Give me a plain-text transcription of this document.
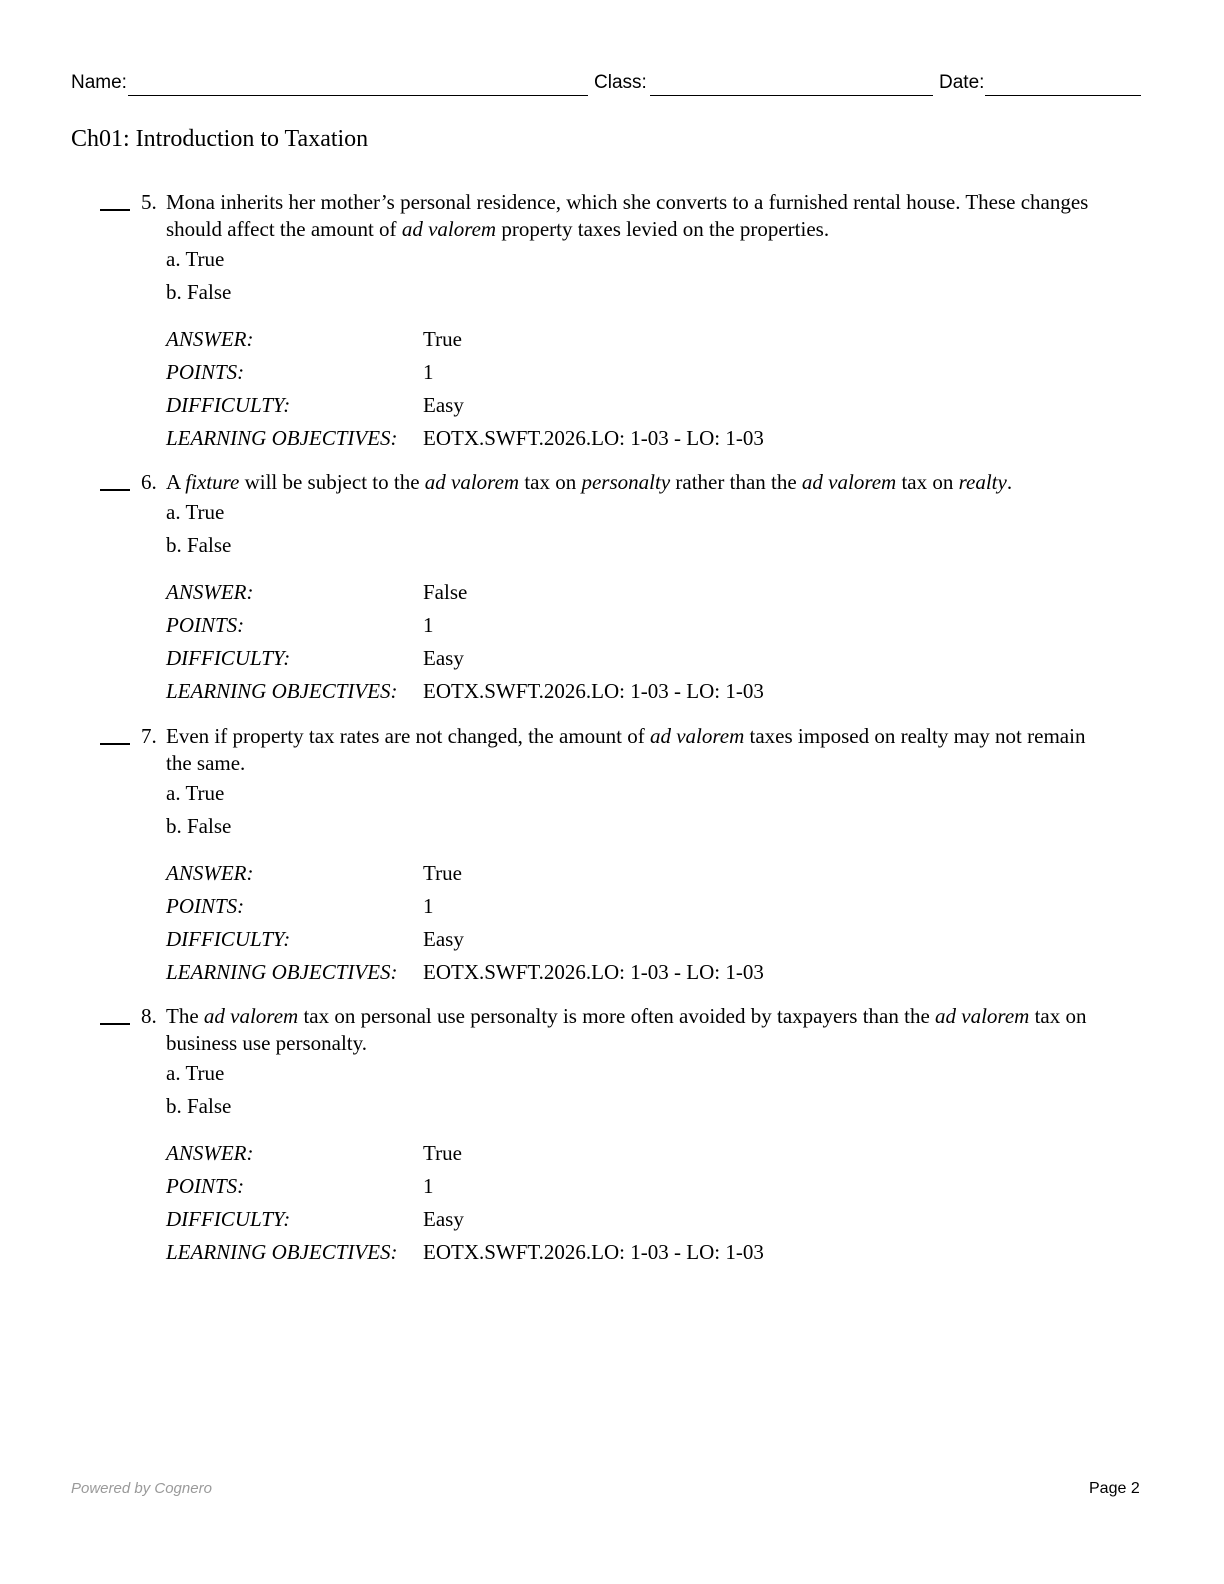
Name:	Class:	Date:
Ch01: Introduction to Taxation
5. Mona inherits her mother’s personal residence, which she converts to a furnished rental house. These changes
should affect the amount of ad valorem property taxes levied on the properties.
a. True
b. False
ANSWER:	True
POINTS:	1
DIFFICULTY:	Easy
LEARNING OBJECTIVES: EOTX.SWFT.2026.LO: 1-03 - LO: 1-03
6. A fixture will be subject to the ad valorem tax on personalty rather than the ad valorem tax on realty.
a. True
b. False
ANSWER:	False
POINTS:	1
DIFFICULTY:	Easy
LEARNING OBJECTIVES: EOTX.SWFT.2026.LO: 1-03 - LO: 1-03
7. Even if property tax rates are not changed, the amount of ad valorem taxes imposed on realty may not remain
the same.
a. True
b. False
ANSWER:	True
POINTS:	1
DIFFICULTY:	Easy
LEARNING OBJECTIVES: EOTX.SWFT.2026.LO: 1-03 - LO: 1-03
8. The ad valorem tax on personal use personalty is more often avoided by taxpayers than the ad valorem tax on
business use personalty.
a. True
b. False
ANSWER:	True
POINTS:	1
DIFFICULTY:	Easy
LEARNING OBJECTIVES: EOTX.SWFT.2026.LO: 1-03 - LO: 1-03
Powered by Cognero	Page 2
